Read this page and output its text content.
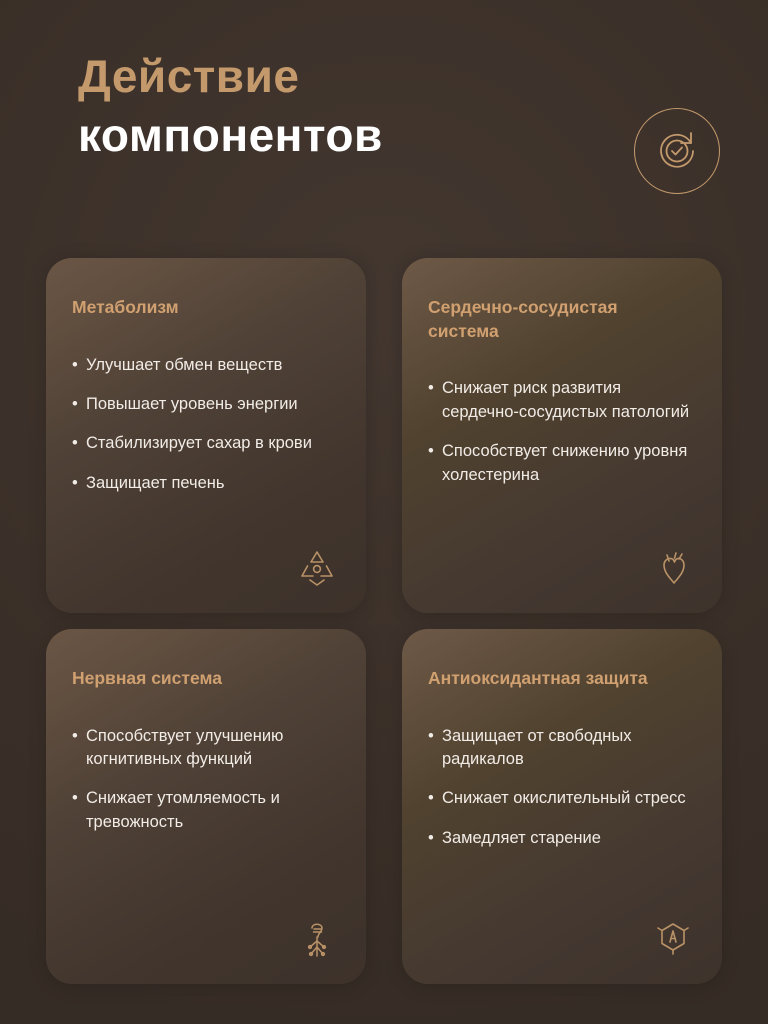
Действие
компонентов
Метаболизм
• Улучшает обмен веществ
• Повышает уровень энергии
• Стабилизирует сахар в крови
• Защищает печень
Сердечно-сосудистая система
• Снижает риск развития сердечно-сосудистых патологий
• Способствует снижению уровня холестерина
Нервная система
• Способствует улучшению когнитивных функций
• Снижает утомляемость и тревожность
Антиоксидантная защита
• Защищает от свободных радикалов
• Снижает окислительный стресс
• Замедляет старение
